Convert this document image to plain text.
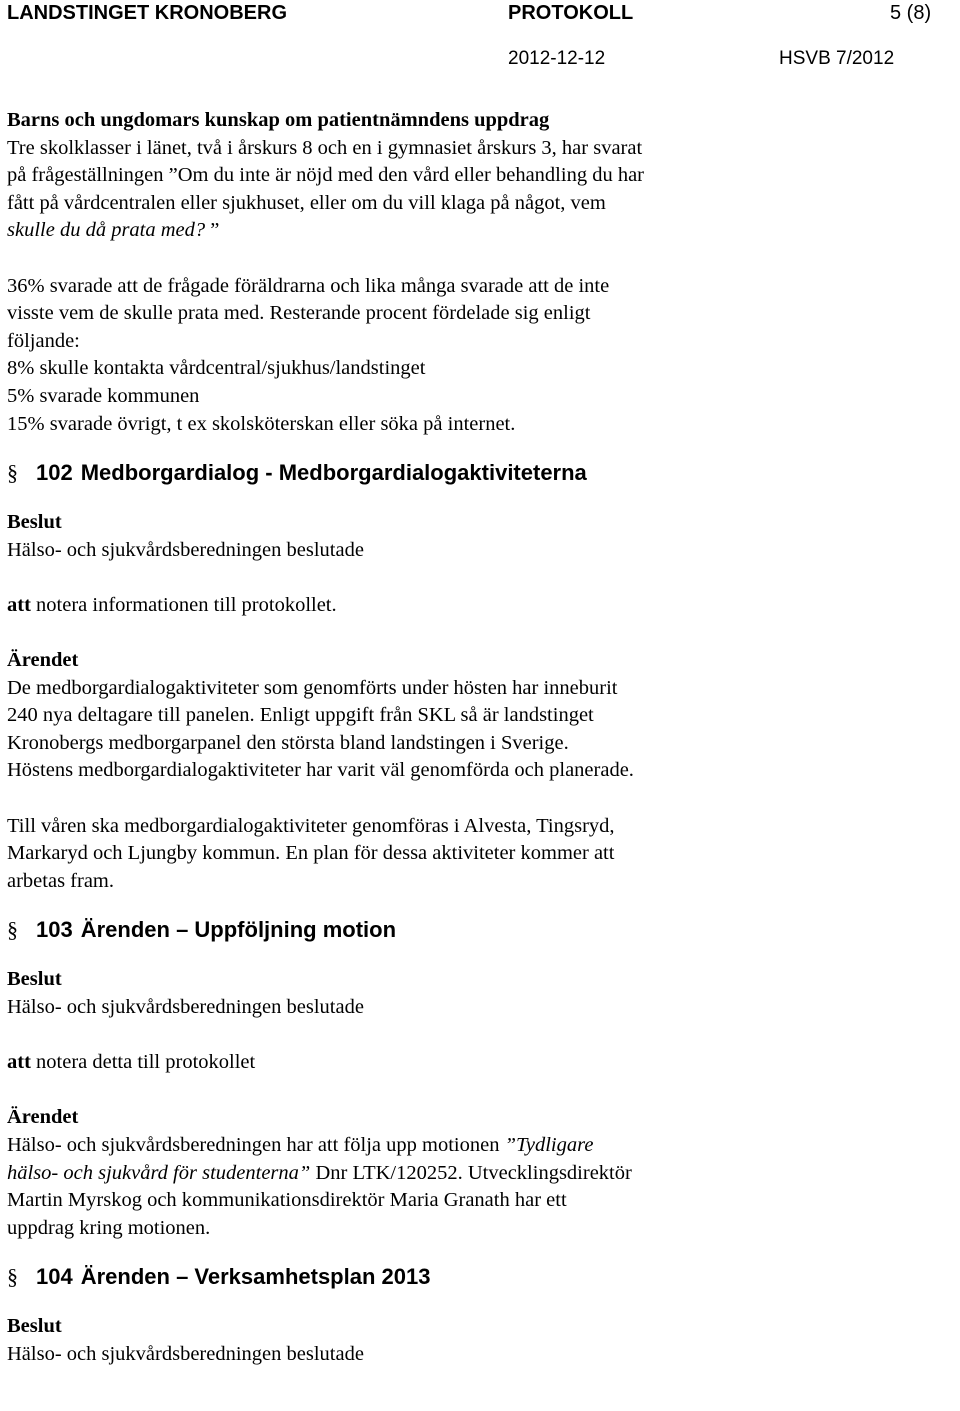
LANDSTINGET KRONOBERG	PROTOKOLL	5 (8)
2012-12-12	HSVB 7/2012

Barns och ungdomars kunskap om patientnämndens uppdrag

Tre skolklasser i länet, två i årskurs 8 och en i gymnasiet årskurs 3, har svarat

på frågeställningen ”Om du inte är nöjd med den vård eller behandling du har

fått på vårdcentralen eller sjukhuset, eller om du vill klaga på något, vem

skulle du då prata med? ”

36% svarade att de frågade föräldrarna och lika många svarade att de inte

visste vem de skulle prata med. Resterande procent fördelade sig enligt

följande:

8% skulle kontakta vårdcentral/sjukhus/landstinget

5% svarade kommunen

15% svarade övrigt, t ex skolsköterskan eller söka på internet.

§ 102 Medborgardialog - Medborgardialogaktiviteterna

Beslut

Hälso- och sjukvårdsberedningen beslutade

att notera informationen till protokollet.

Ärendet

De medborgardialogaktiviteter som genomförts under hösten har inneburit

240 nya deltagare till panelen. Enligt uppgift från SKL så är landstinget

Kronobergs medborgarpanel den största bland landstingen i Sverige.

Höstens medborgardialogaktiviteter har varit väl genomförda och planerade.

Till våren ska medborgardialogaktiviteter genomföras i Alvesta, Tingsryd,

Markaryd och Ljungby kommun. En plan för dessa aktiviteter kommer att

arbetas fram.

§ 103 Ärenden – Uppföljning motion

Beslut

Hälso- och sjukvårdsberedningen beslutade

att notera detta till protokollet

Ärendet

Hälso- och sjukvårdsberedningen har att följa upp motionen ”Tydligare

hälso- och sjukvård för studenterna” Dnr LTK/120252. Utvecklingsdirektör

Martin Myrskog och kommunikationsdirektör Maria Granath har ett

uppdrag kring motionen.

§ 104 Ärenden – Verksamhetsplan 2013

Beslut

Hälso- och sjukvårdsberedningen beslutade
